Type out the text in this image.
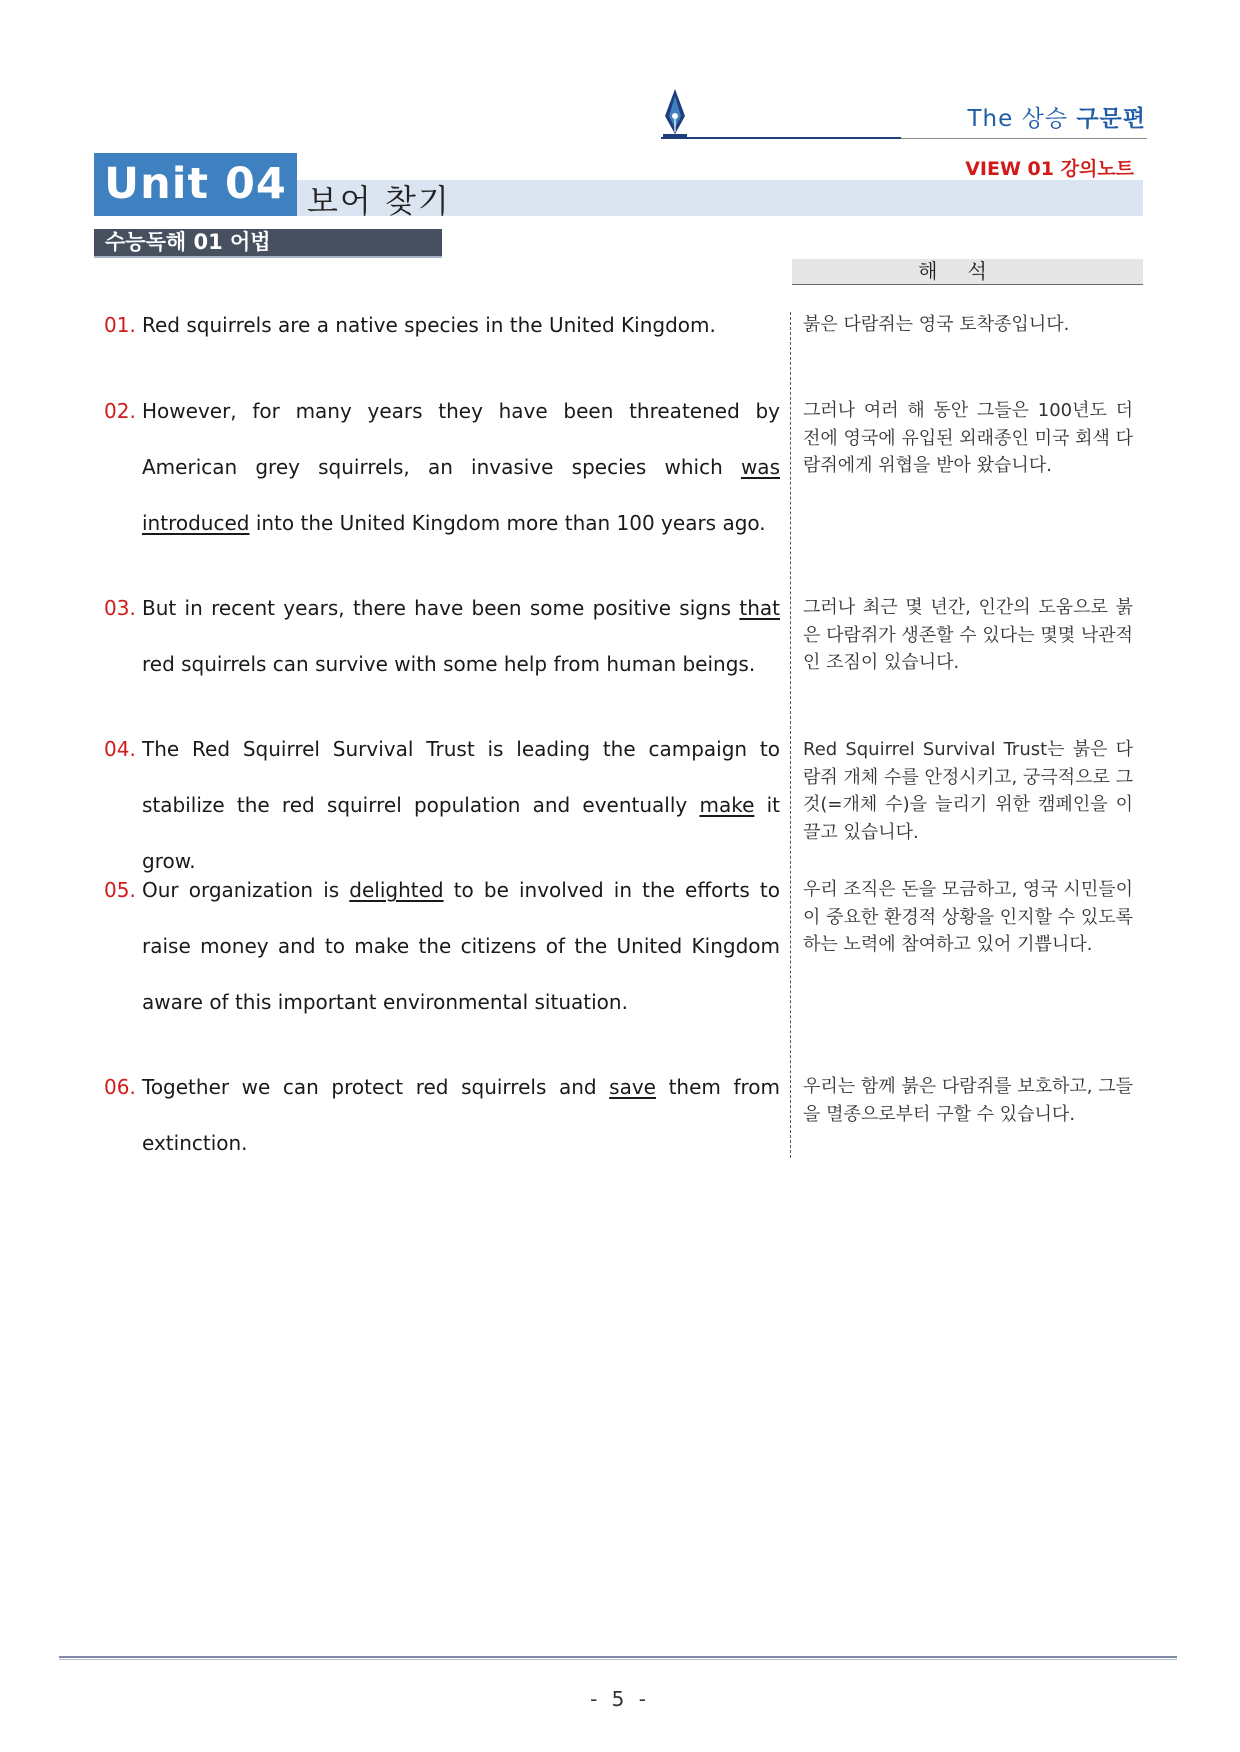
The 상승 구문편
VIEW 01 강의노트
Unit 04 보어 찾기
수능독해 01 어법
해석
01. Red squirrels are a native species in the United Kingdom.	붉은 다람쥐는 영국 토착종입니다.
02. However, for many years they have been threatened by American grey squirrels, an invasive species which was introduced into the United Kingdom more than 100 years ago.
그러나 여러 해 동안 그들은 100년도 더 전에 영국에 유입된 외래종인 미국 회색 다람쥐에게 위협을 받아 왔습니다.
03. But in recent years, there have been some positive signs that red squirrels can survive with some help from human beings.
그러나 최근 몇 년간, 인간의 도움으로 붉은 다람쥐가 생존할 수 있다는 몇몇 낙관적인 조짐이 있습니다.
04. The Red Squirrel Survival Trust is leading the campaign to stabilize the red squirrel population and eventually make it grow.
Red Squirrel Survival Trust는 붉은 다람쥐 개체 수를 안정시키고, 궁극적으로 그것(=개체 수)을 늘리기 위한 캠페인을 이끌고 있습니다.
05. Our organization is delighted to be involved in the efforts to raise money and to make the citizens of the United Kingdom aware of this important environmental situation.
우리 조직은 돈을 모금하고, 영국 시민들이 이 중요한 환경적 상황을 인지할 수 있도록 하는 노력에 참여하고 있어 기쁩니다.
06. Together we can protect red squirrels and save them from extinction.
우리는 함께 붉은 다람쥐를 보호하고, 그들을 멸종으로부터 구할 수 있습니다.
- 5 -
